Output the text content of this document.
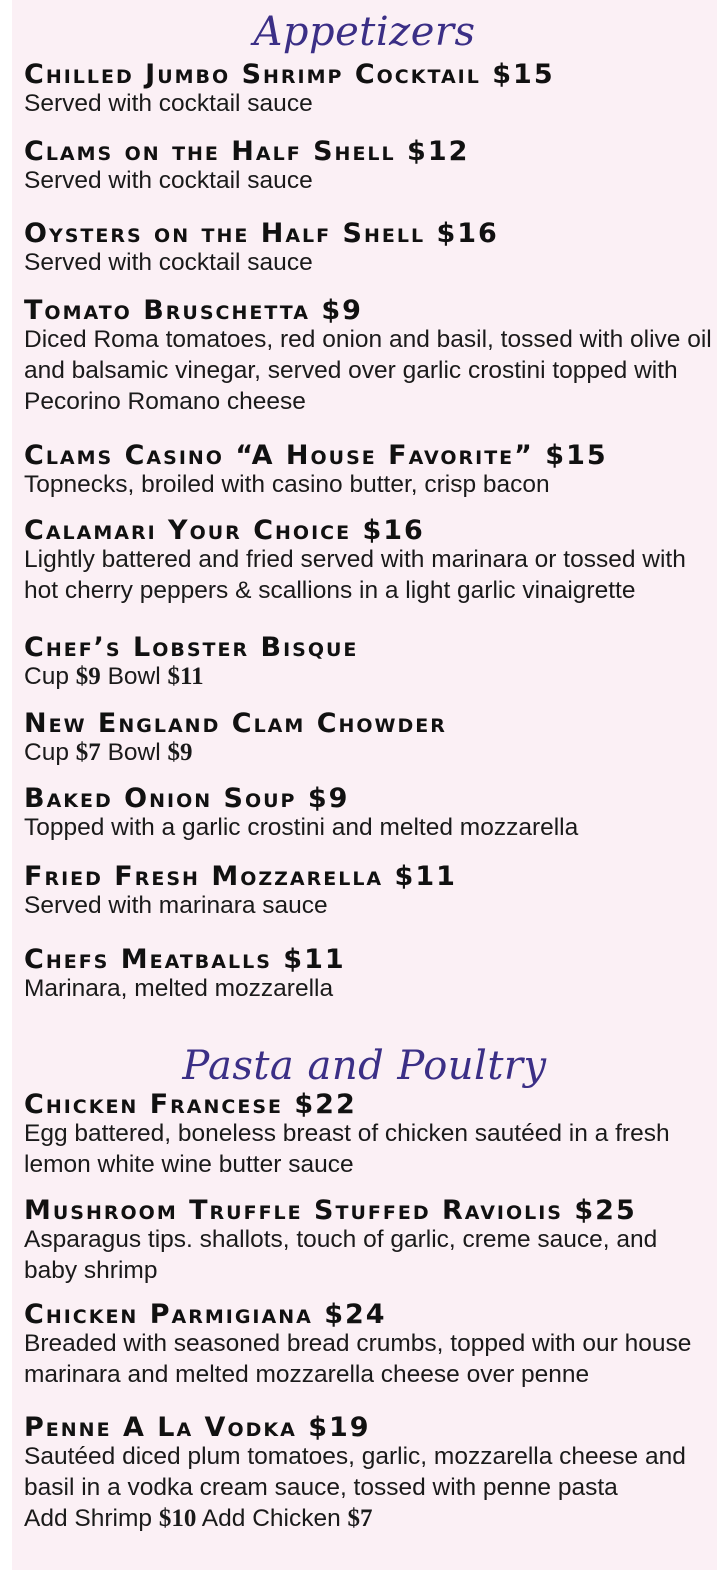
Appetizers
Chilled Jumbo Shrimp Cocktail $15
Served with cocktail sauce
Clams on the Half Shell $12
Served with cocktail sauce
Oysters on the Half Shell $16
Served with cocktail sauce
Tomato Bruschetta $9
Diced Roma tomatoes, red onion and basil, tossed with olive oil and balsamic vinegar, served over garlic crostini topped with Pecorino Romano cheese
Clams Casino “A House Favorite” $15
Topnecks, broiled with casino butter, crisp bacon
Calamari Your Choice $16
Lightly battered and fried served with marinara or tossed with hot cherry peppers & scallions in a light garlic vinaigrette
Chef’s Lobster Bisque
Cup $9 Bowl $11
New England Clam Chowder
Cup $7 Bowl $9
Baked Onion Soup $9
Topped with a garlic crostini and melted mozzarella
Fried Fresh Mozzarella $11
Served with marinara sauce
Chefs Meatballs $11
Marinara, melted mozzarella
Pasta and Poultry
Chicken Francese $22
Egg battered, boneless breast of chicken sautéed in a fresh lemon white wine butter sauce
Mushroom Truffle Stuffed Raviolis $25
Asparagus tips. shallots, touch of garlic, creme sauce, and baby shrimp
Chicken Parmigiana $24
Breaded with seasoned bread crumbs, topped with our house marinara and melted mozzarella cheese over penne
Penne A La Vodka $19
Sautéed diced plum tomatoes, garlic, mozzarella cheese and basil in a vodka cream sauce, tossed with penne pasta
Add Shrimp $10 Add Chicken $7
